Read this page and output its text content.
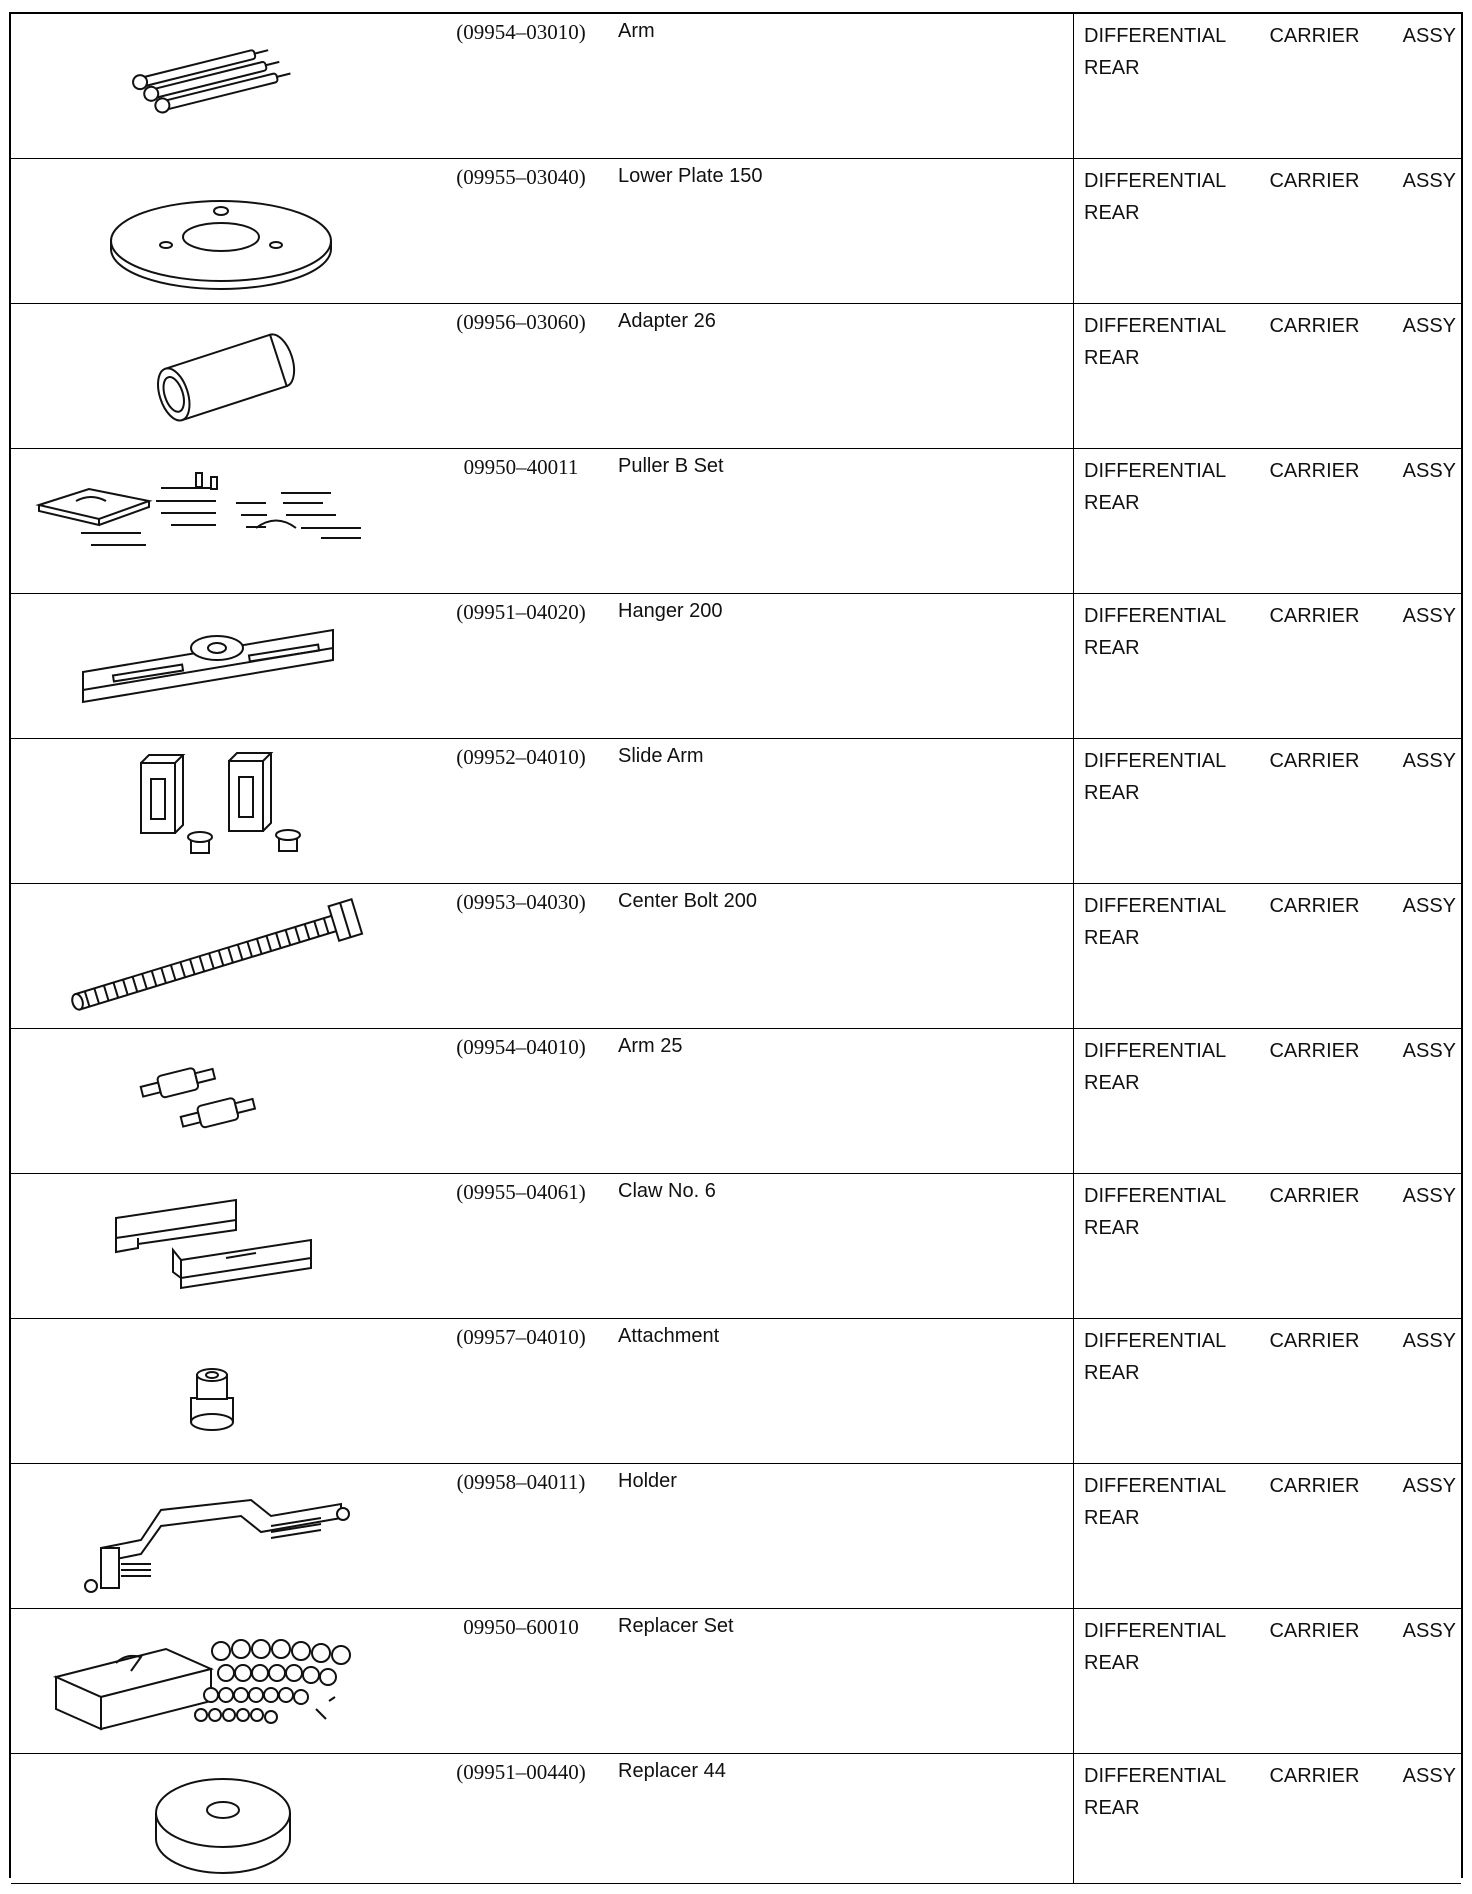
(09954–03010)	Arm	DIFFERENTIAL CARRIER ASSY
REAR
(09955–03040)	Lower Plate 150	DIFFERENTIAL CARRIER ASSY
REAR
(09956–03060)	Adapter 26	DIFFERENTIAL CARRIER ASSY
REAR
09950–40011	Puller B Set	DIFFERENTIAL CARRIER ASSY
REAR
(09951–04020)	Hanger 200	DIFFERENTIAL CARRIER ASSY
REAR
(09952–04010)	Slide Arm	DIFFERENTIAL CARRIER ASSY
REAR
(09953–04030)	Center Bolt 200	DIFFERENTIAL CARRIER ASSY
REAR
(09954–04010)	Arm 25	DIFFERENTIAL CARRIER ASSY
REAR
(09955–04061)	Claw No. 6	DIFFERENTIAL CARRIER ASSY
REAR
(09957–04010)	Attachment	DIFFERENTIAL CARRIER ASSY
REAR
(09958–04011)	Holder	DIFFERENTIAL CARRIER ASSY
REAR
09950–60010	Replacer Set	DIFFERENTIAL CARRIER ASSY
REAR
(09951–00440)	Replacer 44	DIFFERENTIAL CARRIER ASSY
REAR
